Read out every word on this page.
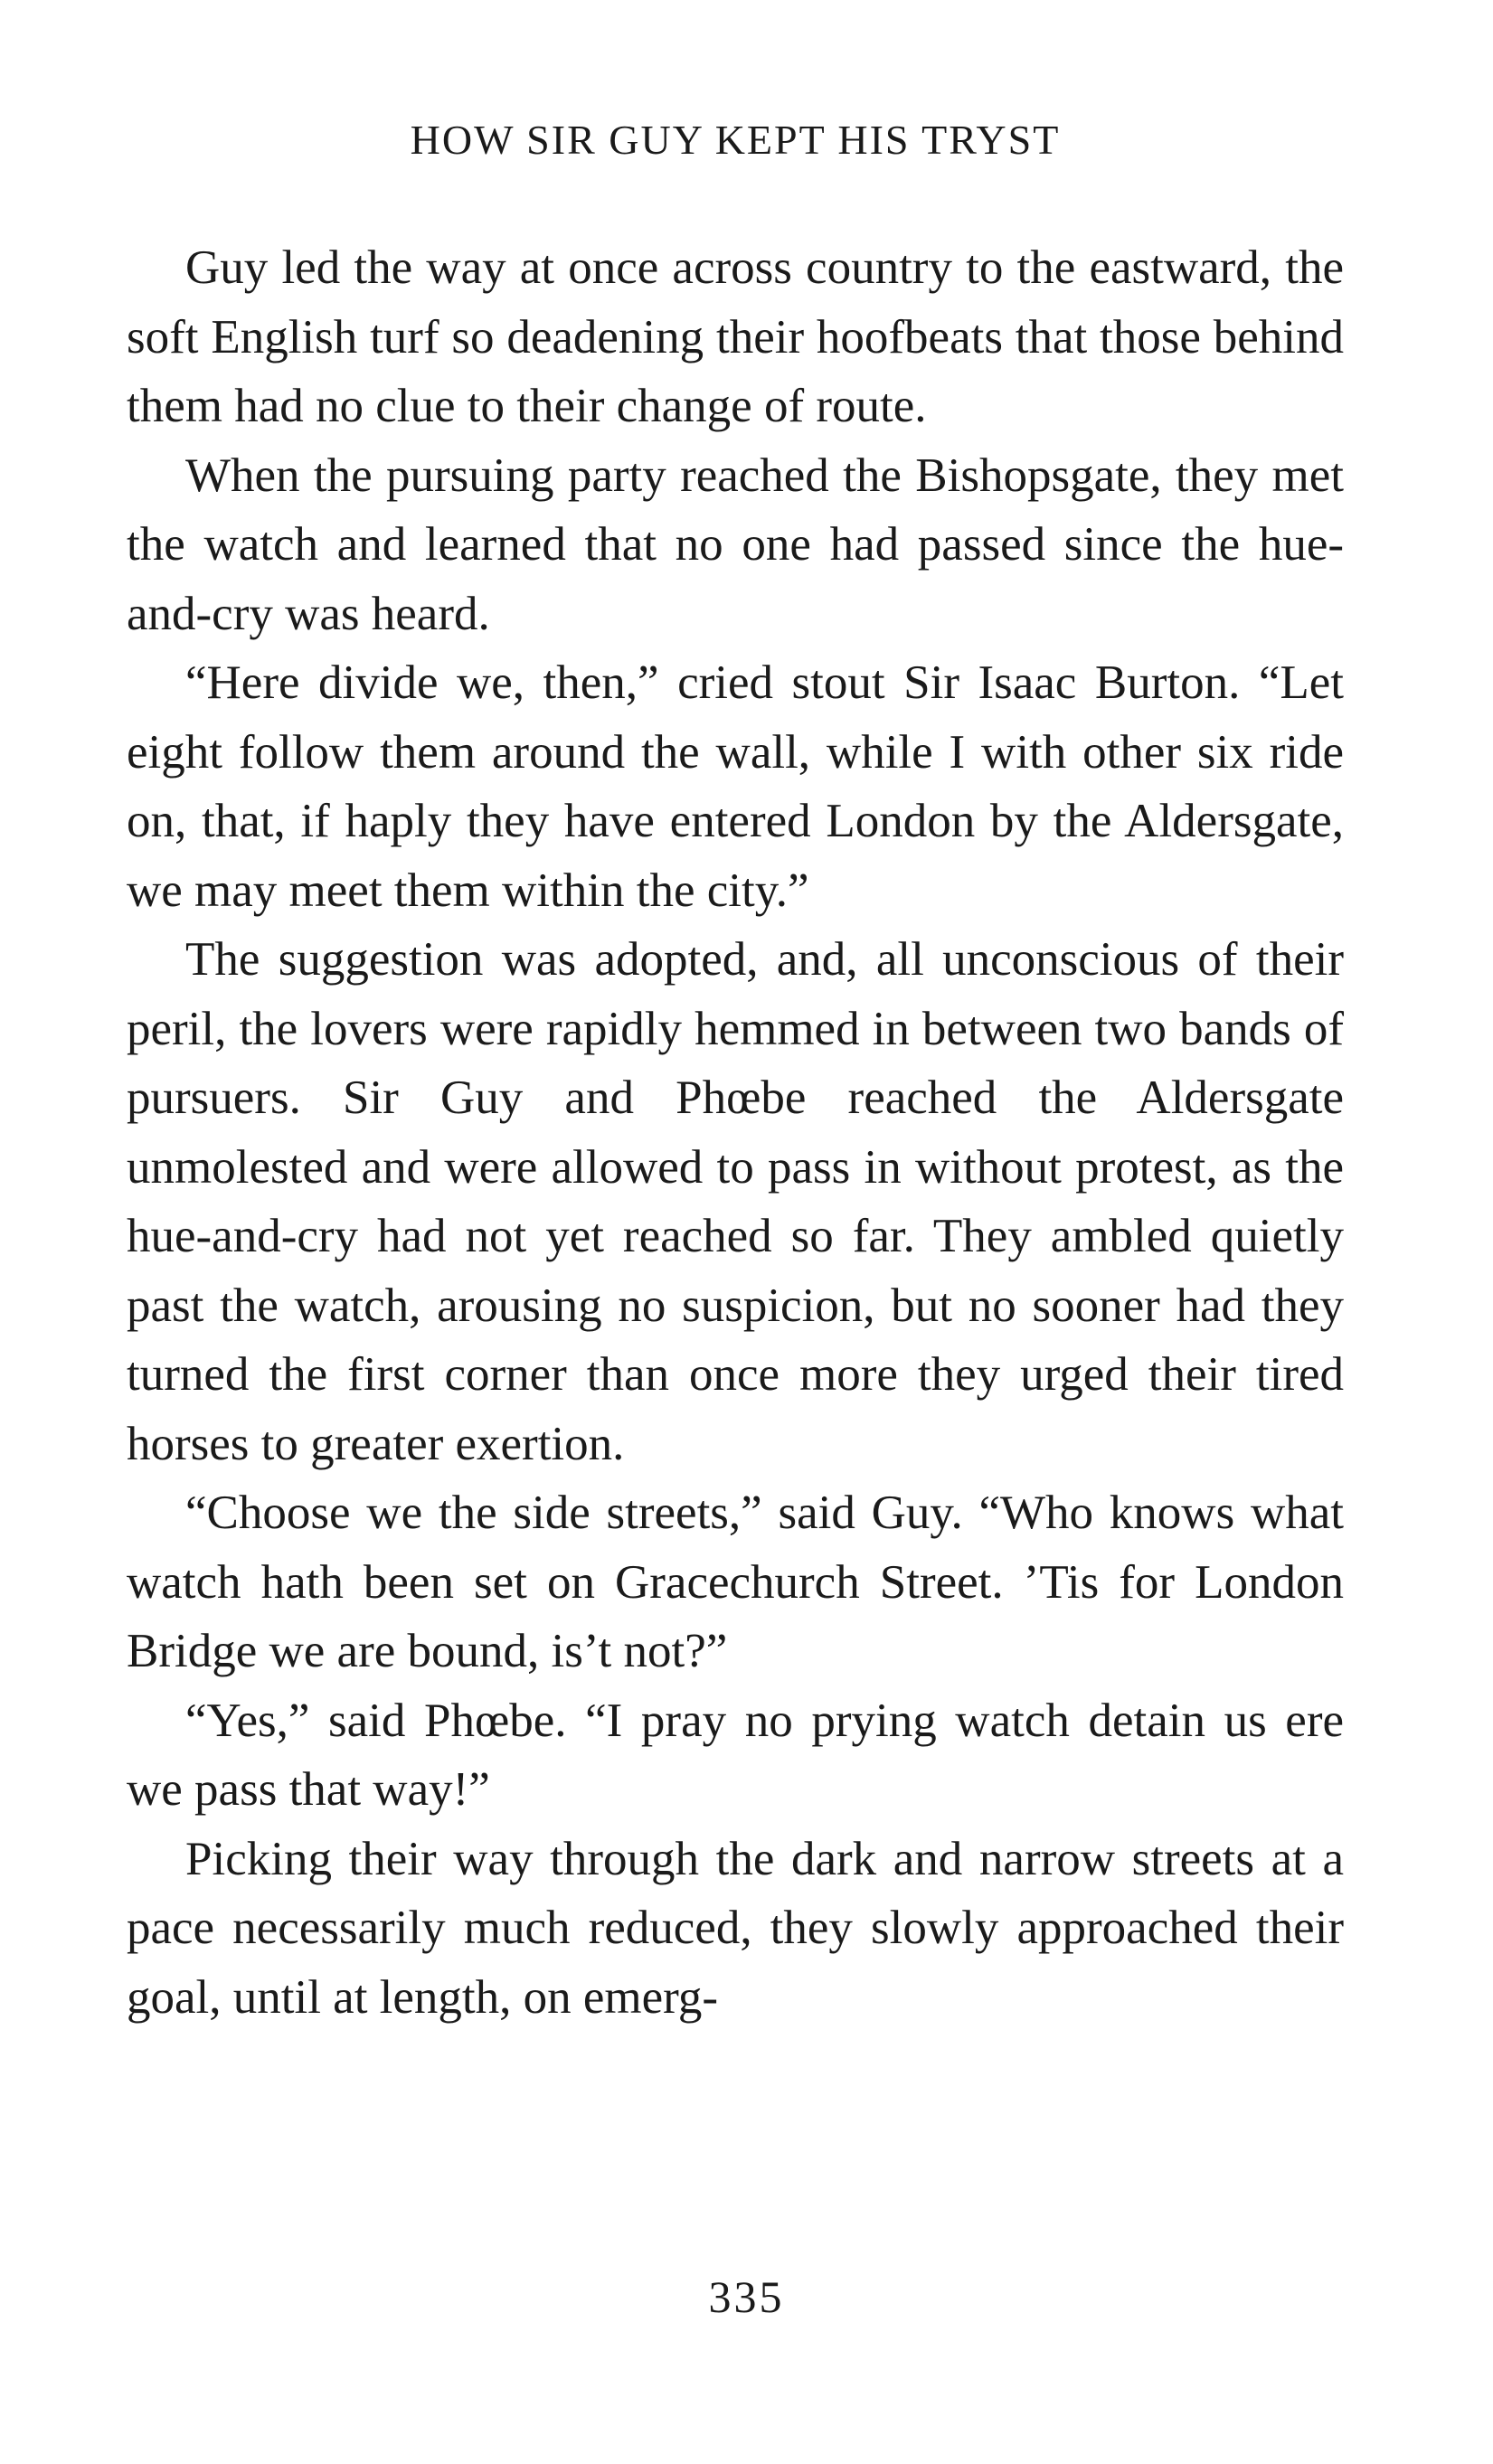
HOW SIR GUY KEPT HIS TRYST

Guy led the way at once across country to the eastward, the soft English turf so deadening their hoofbeats that those behind them had no clue to their change of route.

When the pursuing party reached the Bishopsgate, they met the watch and learned that no one had passed since the hue-and-cry was heard.

“Here divide we, then,” cried stout Sir Isaac Burton. “Let eight follow them around the wall, while I with other six ride on, that, if haply they have entered London by the Aldersgate, we may meet them within the city.”

The suggestion was adopted, and, all unconscious of their peril, the lovers were rapidly hemmed in between two bands of pursuers. Sir Guy and Phœbe reached the Aldersgate unmolested and were allowed to pass in without protest, as the hue-and-cry had not yet reached so far. They ambled quietly past the watch, arousing no suspicion, but no sooner had they turned the first corner than once more they urged their tired horses to greater exertion.

“Choose we the side streets,” said Guy. “Who knows what watch hath been set on Gracechurch Street. ’Tis for London Bridge we are bound, is’t not?”

“Yes,” said Phœbe. “I pray no prying watch detain us ere we pass that way!”

Picking their way through the dark and narrow streets at a pace necessarily much reduced, they slowly approached their goal, until at length, on emerg-

335
